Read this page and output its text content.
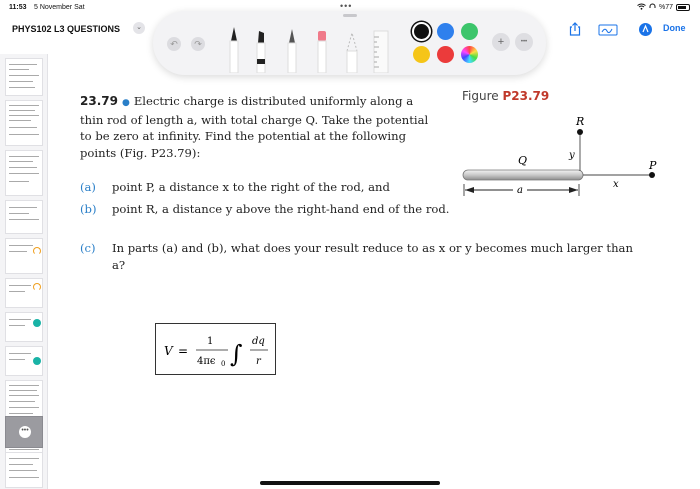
11:53 5 November Sat	•••	%77
PHYS102 L3 QUESTIONS	⌄	Done
↶	↷	+	•••
•••
23.79 ● Electric charge is distributed uniformly along a thin rod of length a, with total charge Q. Take the potential to be zero at infinity. Find the potential at the following points (Fig. P23.79):
(a) point P, a distance x to the right of the rod, and
(b) point R, a distance y above the right-hand end of the rod.
(c) In parts (a) and (b), what does your result reduce to as x or y becomes much larger than a?
Figure P23.79
R
y
Q	P
x
a
V =
1
4πϵ 0 ∫ dq
r
